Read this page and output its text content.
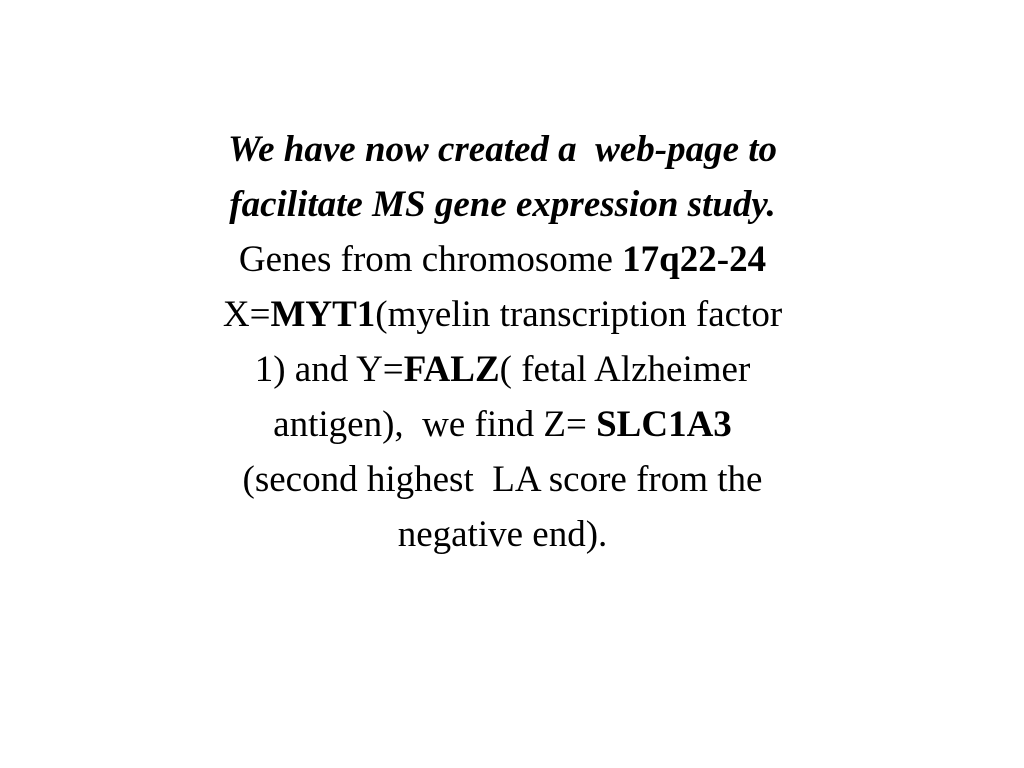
We have now created a  web-page to
facilitate MS gene expression study.
Genes from chromosome 17q22-24
X=MYT1(myelin transcription factor
1) and Y=FALZ( fetal Alzheimer
antigen),  we find Z= SLC1A3
(second highest  LA score from the
negative end).
